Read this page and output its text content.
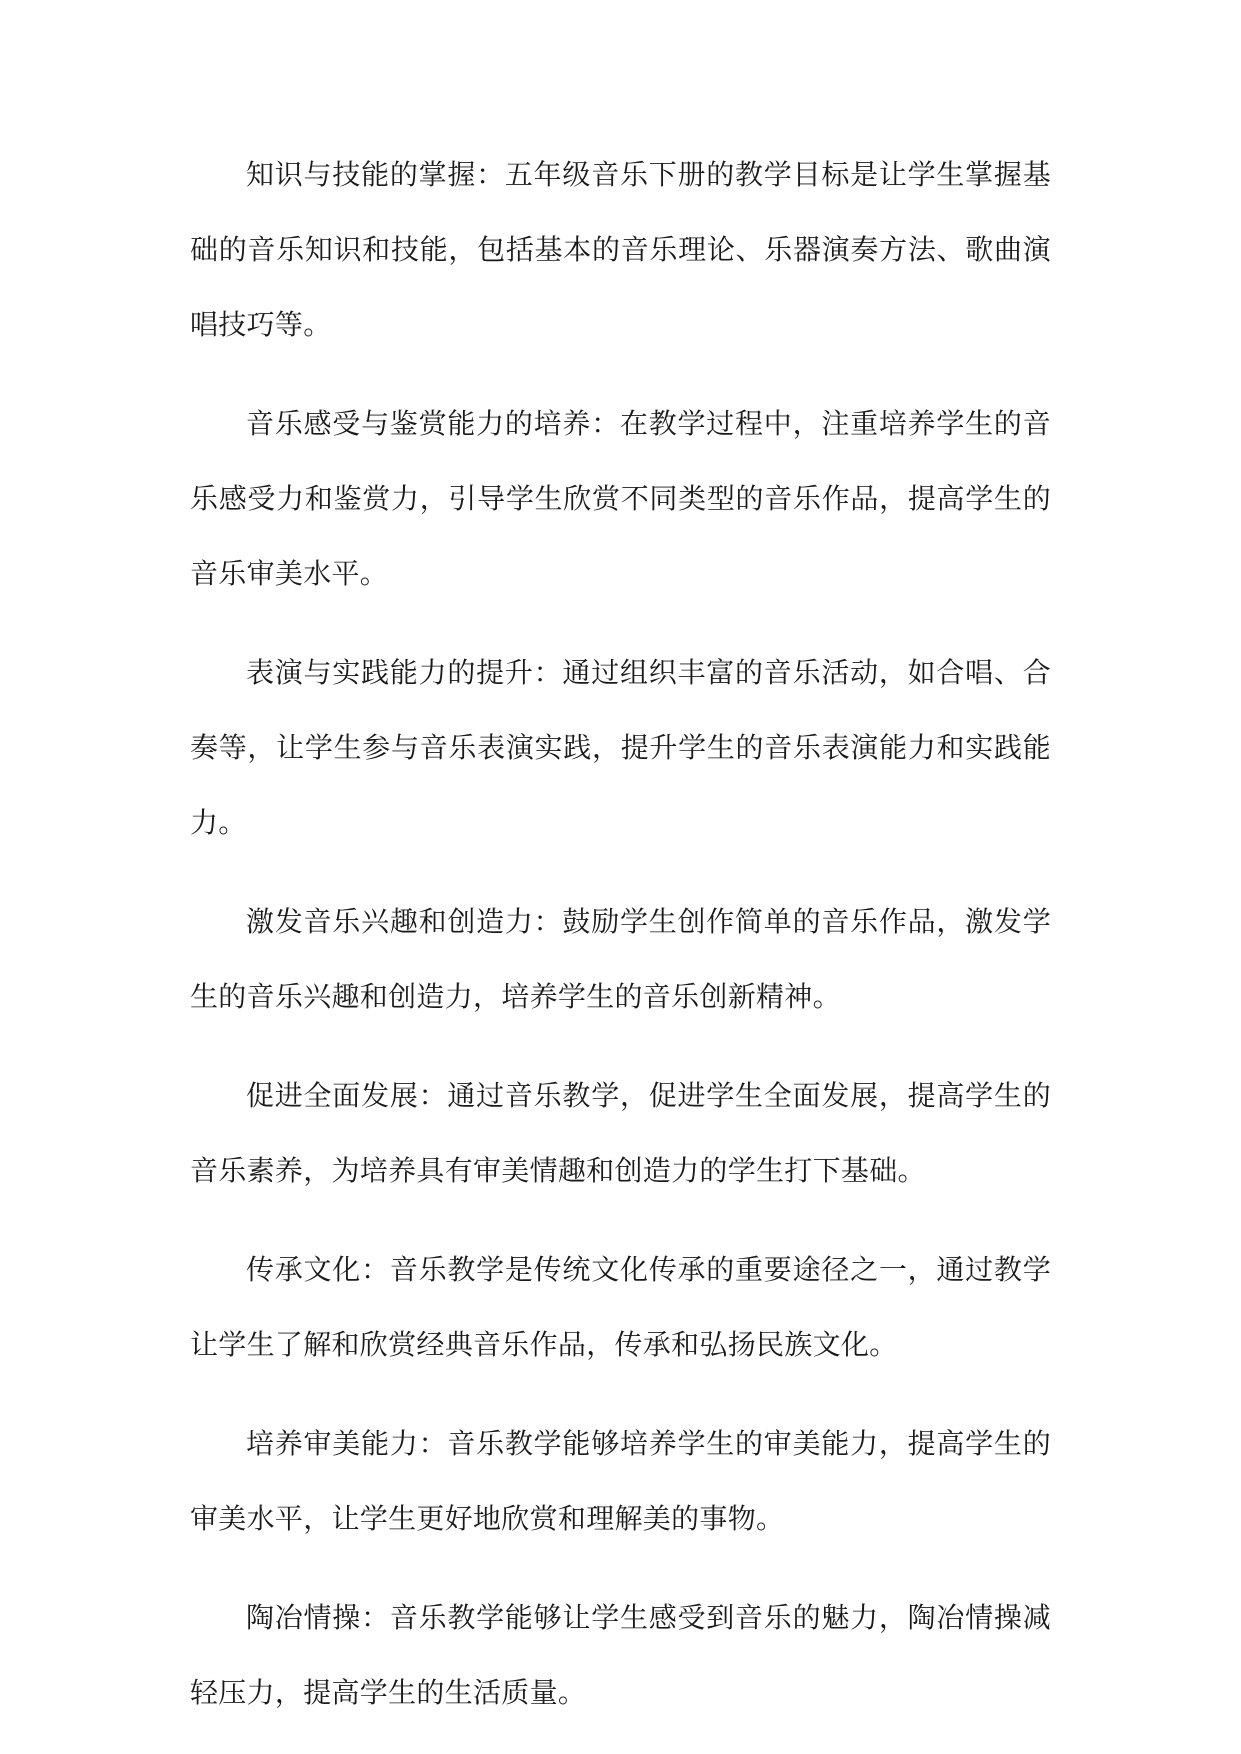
知识与技能的掌握：五年级音乐下册的教学目标是让学生掌握基础的音乐知识和技能，包括基本的音乐理论、乐器演奏方法、歌曲演唱技巧等。

音乐感受与鉴赏能力的培养：在教学过程中，注重培养学生的音乐感受力和鉴赏力，引导学生欣赏不同类型的音乐作品，提高学生的音乐审美水平。

表演与实践能力的提升：通过组织丰富的音乐活动，如合唱、合奏等，让学生参与音乐表演实践，提升学生的音乐表演能力和实践能力。

激发音乐兴趣和创造力：鼓励学生创作简单的音乐作品，激发学生的音乐兴趣和创造力，培养学生的音乐创新精神。

促进全面发展：通过音乐教学，促进学生全面发展，提高学生的音乐素养，为培养具有审美情趣和创造力的学生打下基础。

传承文化：音乐教学是传统文化传承的重要途径之一，通过教学让学生了解和欣赏经典音乐作品，传承和弘扬民族文化。

培养审美能力：音乐教学能够培养学生的审美能力，提高学生的审美水平，让学生更好地欣赏和理解美的事物。

陶冶情操：音乐教学能够让学生感受到音乐的魅力，陶冶情操减轻压力，提高学生的生活质量。
